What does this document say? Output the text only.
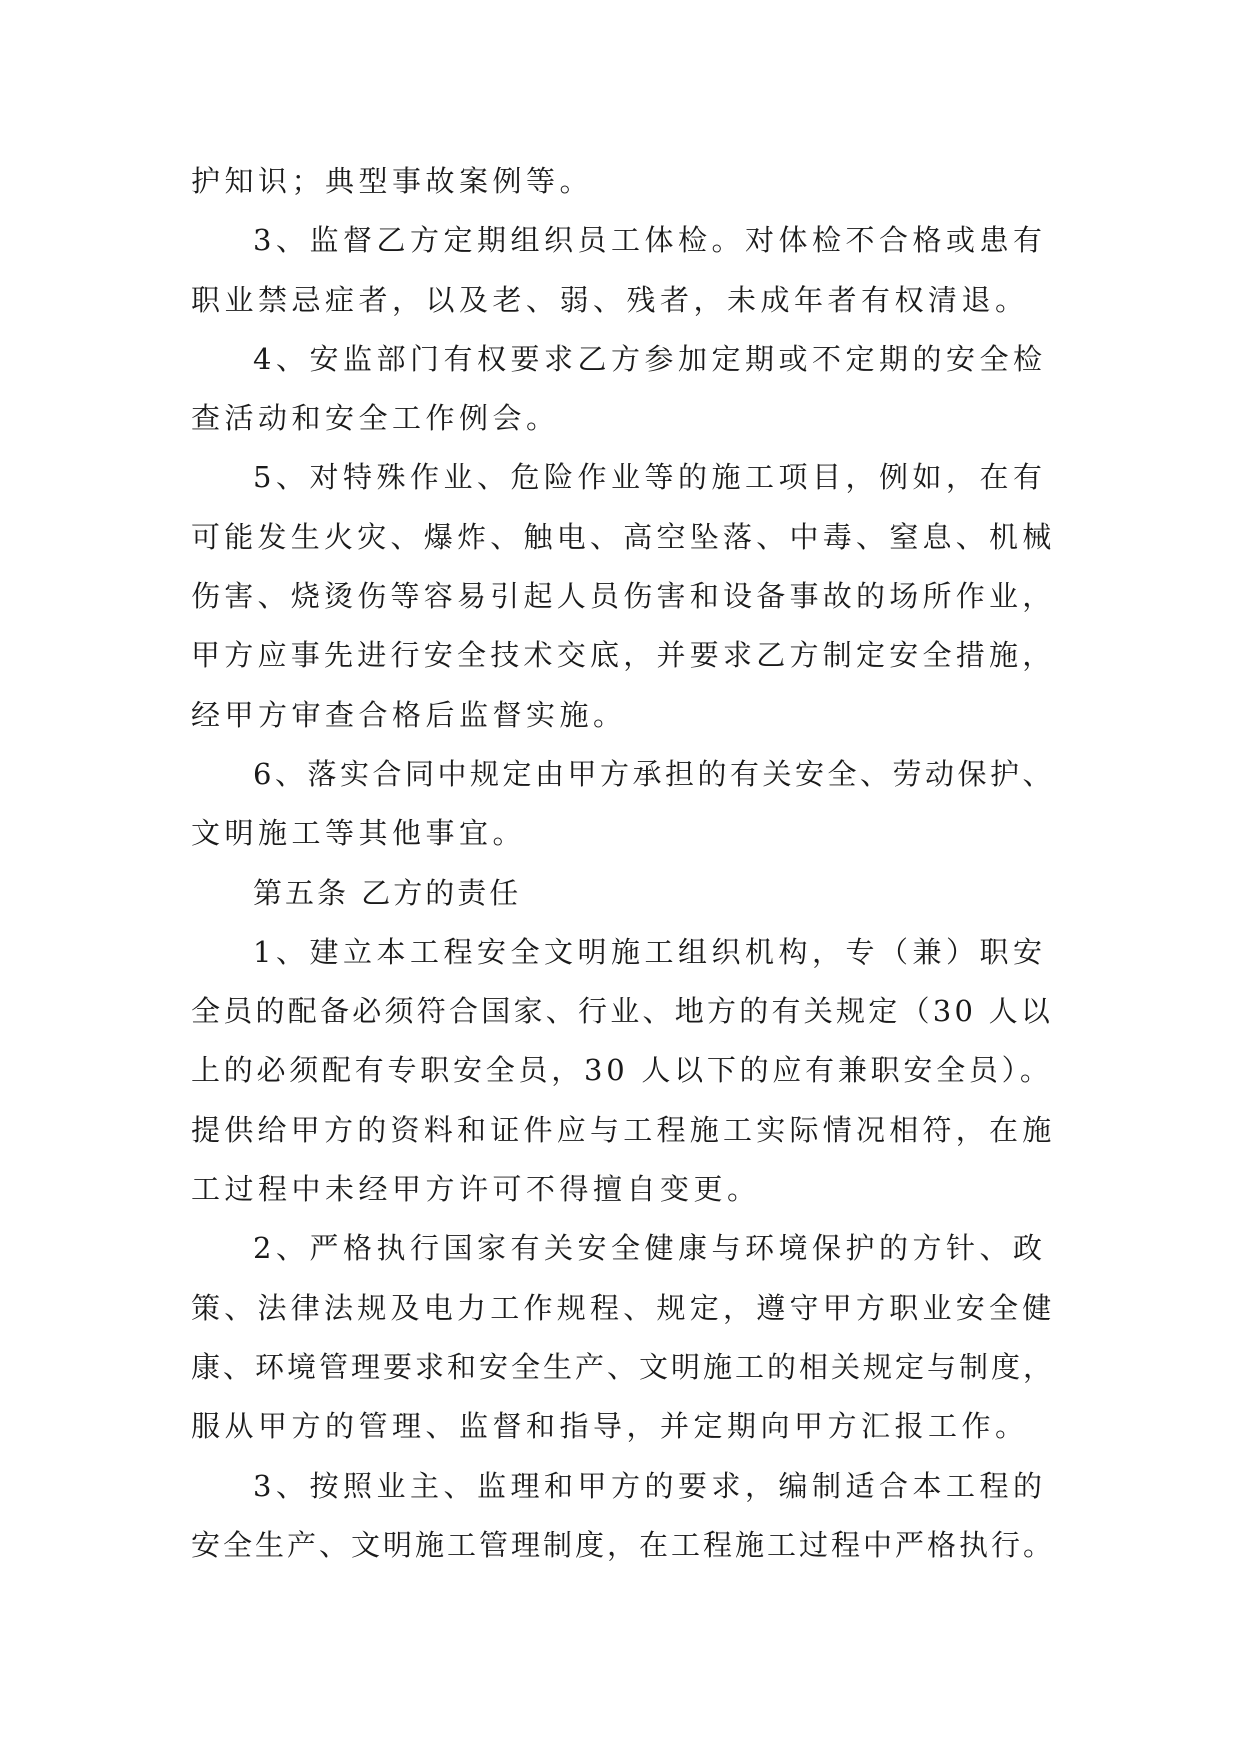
护知识；典型事故案例等。
3、监督乙方定期组织员工体检。对体检不合格或患有
职业禁忌症者，以及老、弱、残者，未成年者有权清退。
4、安监部门有权要求乙方参加定期或不定期的安全检
查活动和安全工作例会。
5、对特殊作业、危险作业等的施工项目，例如，在有
可能发生火灾、爆炸、触电、高空坠落、中毒、窒息、机械
伤害、烧烫伤等容易引起人员伤害和设备事故的场所作业，
甲方应事先进行安全技术交底，并要求乙方制定安全措施，
经甲方审查合格后监督实施。
6、落实合同中规定由甲方承担的有关安全、劳动保护、
文明施工等其他事宜。
第五条 乙方的责任
1、建立本工程安全文明施工组织机构，专（兼）职安
全员的配备必须符合国家、行业、地方的有关规定（30 人以
上的必须配有专职安全员，30 人以下的应有兼职安全员）。
提供给甲方的资料和证件应与工程施工实际情况相符，在施
工过程中未经甲方许可不得擅自变更。
2、严格执行国家有关安全健康与环境保护的方针、政
策、法律法规及电力工作规程、规定，遵守甲方职业安全健
康、环境管理要求和安全生产、文明施工的相关规定与制度，
服从甲方的管理、监督和指导，并定期向甲方汇报工作。
3、按照业主、监理和甲方的要求，编制适合本工程的
安全生产、文明施工管理制度，在工程施工过程中严格执行。
